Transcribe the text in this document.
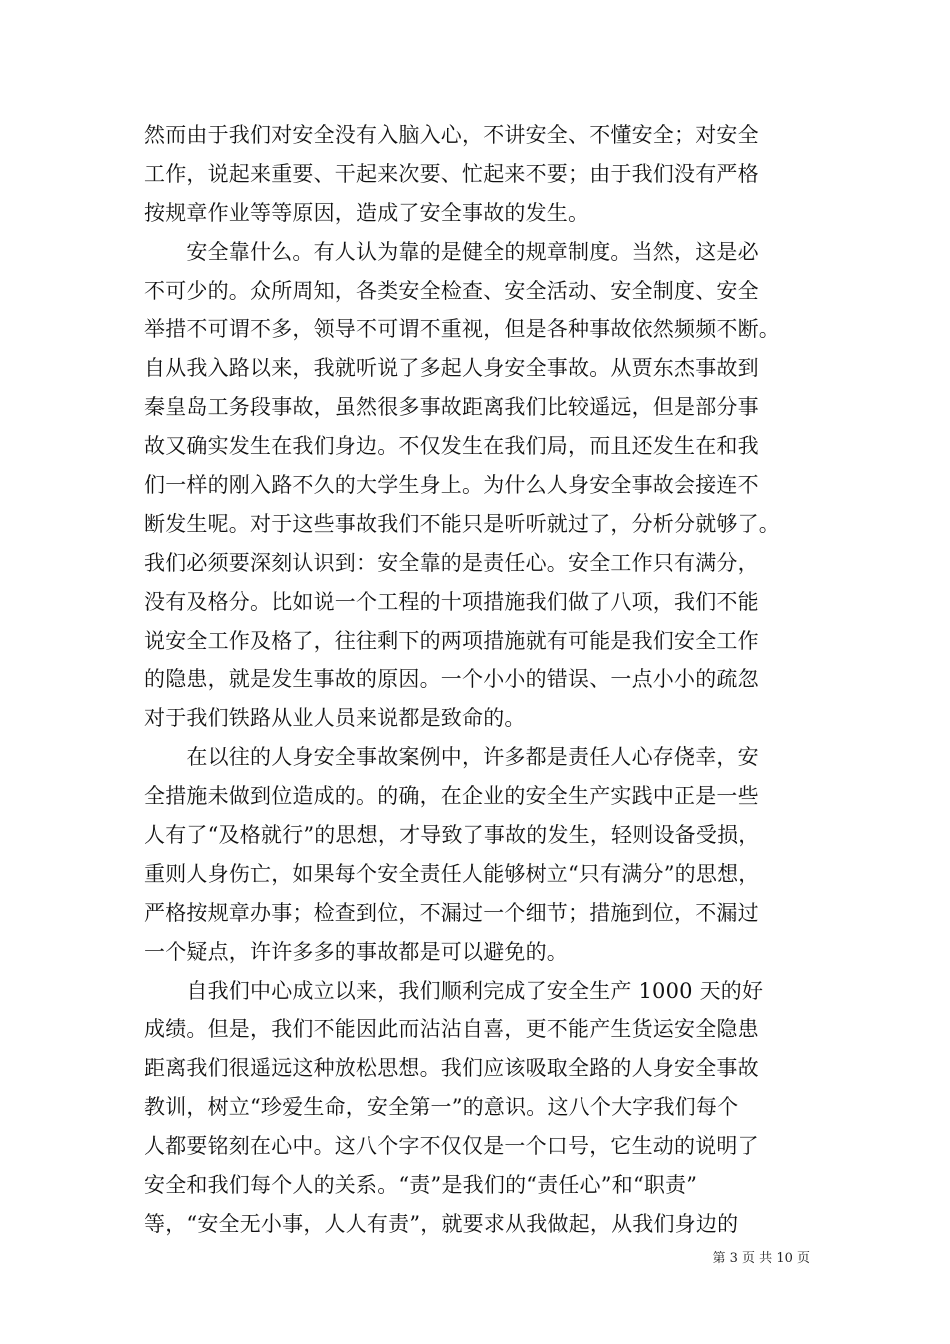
然而由于我们对安全没有入脑入心，不讲安全、不懂安全；对安全
工作，说起来重要、干起来次要、忙起来不要；由于我们没有严格
按规章作业等等原因，造成了安全事故的发生。
　　安全靠什么。有人认为靠的是健全的规章制度。当然，这是必
不可少的。众所周知，各类安全检查、安全活动、安全制度、安全
举措不可谓不多，领导不可谓不重视，但是各种事故依然频频不断。
自从我入路以来，我就听说了多起人身安全事故。从贾东杰事故到
秦皇岛工务段事故，虽然很多事故距离我们比较遥远，但是部分事
故又确实发生在我们身边。不仅发生在我们局，而且还发生在和我
们一样的刚入路不久的大学生身上。为什么人身安全事故会接连不
断发生呢。对于这些事故我们不能只是听听就过了，分析分就够了。
我们必须要深刻认识到：安全靠的是责任心。安全工作只有满分，
没有及格分。比如说一个工程的十项措施我们做了八项，我们不能
说安全工作及格了，往往剩下的两项措施就有可能是我们安全工作
的隐患，就是发生事故的原因。一个小小的错误、一点小小的疏忽
对于我们铁路从业人员来说都是致命的。
　　在以往的人身安全事故案例中，许多都是责任人心存侥幸，安
全措施未做到位造成的。的确，在企业的安全生产实践中正是一些
人有了“及格就行”的思想，才导致了事故的发生，轻则设备受损，
重则人身伤亡，如果每个安全责任人能够树立“只有满分”的思想，
严格按规章办事；检查到位，不漏过一个细节；措施到位，不漏过
一个疑点，许许多多的事故都是可以避免的。
　　自我们中心成立以来，我们顺利完成了安全生产 1000 天的好
成绩。但是，我们不能因此而沾沾自喜，更不能产生货运安全隐患
距离我们很遥远这种放松思想。我们应该吸取全路的人身安全事故
教训，树立“珍爱生命，安全第一”的意识。这八个大字我们每个
人都要铭刻在心中。这八个字不仅仅是一个口号，它生动的说明了
安全和我们每个人的关系。“责”是我们的“责任心”和“职责”
等，“安全无小事，人人有责”，就要求从我做起，从我们身边的
第 3 页 共 10 页
